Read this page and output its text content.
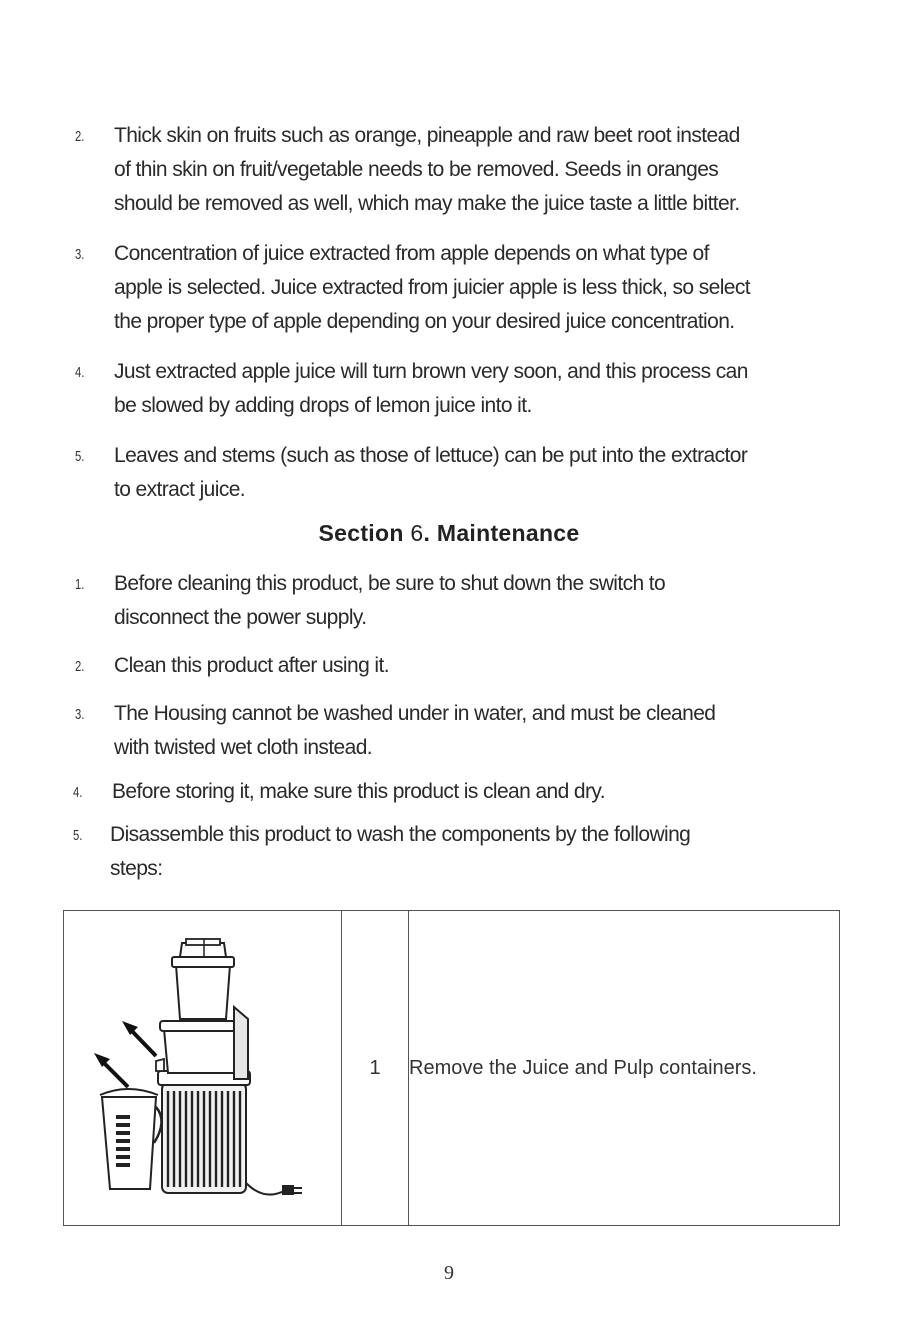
2. Thick skin on fruits such as orange, pineapple and raw beet root instead
of thin skin on fruit/vegetable needs to be removed. Seeds in oranges
should be removed as well, which may make the juice taste a little bitter.
3. Concentration of juice extracted from apple depends on what type of
apple is selected. Juice extracted from juicier apple is less thick, so select
the proper type of apple depending on your desired juice concentration.
4. Just extracted apple juice will turn brown very soon, and this process can
be slowed by adding drops of lemon juice into it.
5. Leaves and stems (such as those of lettuce) can be put into the extractor
to extract juice.
Section 6. Maintenance
1. Before cleaning this product, be sure to shut down the switch to
disconnect the power supply.
2. Clean this product after using it.
3. The Housing cannot be washed under in water, and must be cleaned
with twisted wet cloth instead.
4. Before storing it, make sure this product is clean and dry.
5. Disassemble this product to wash the components by the following
steps:
	1	Remove the Juice and Pulp containers.
9
